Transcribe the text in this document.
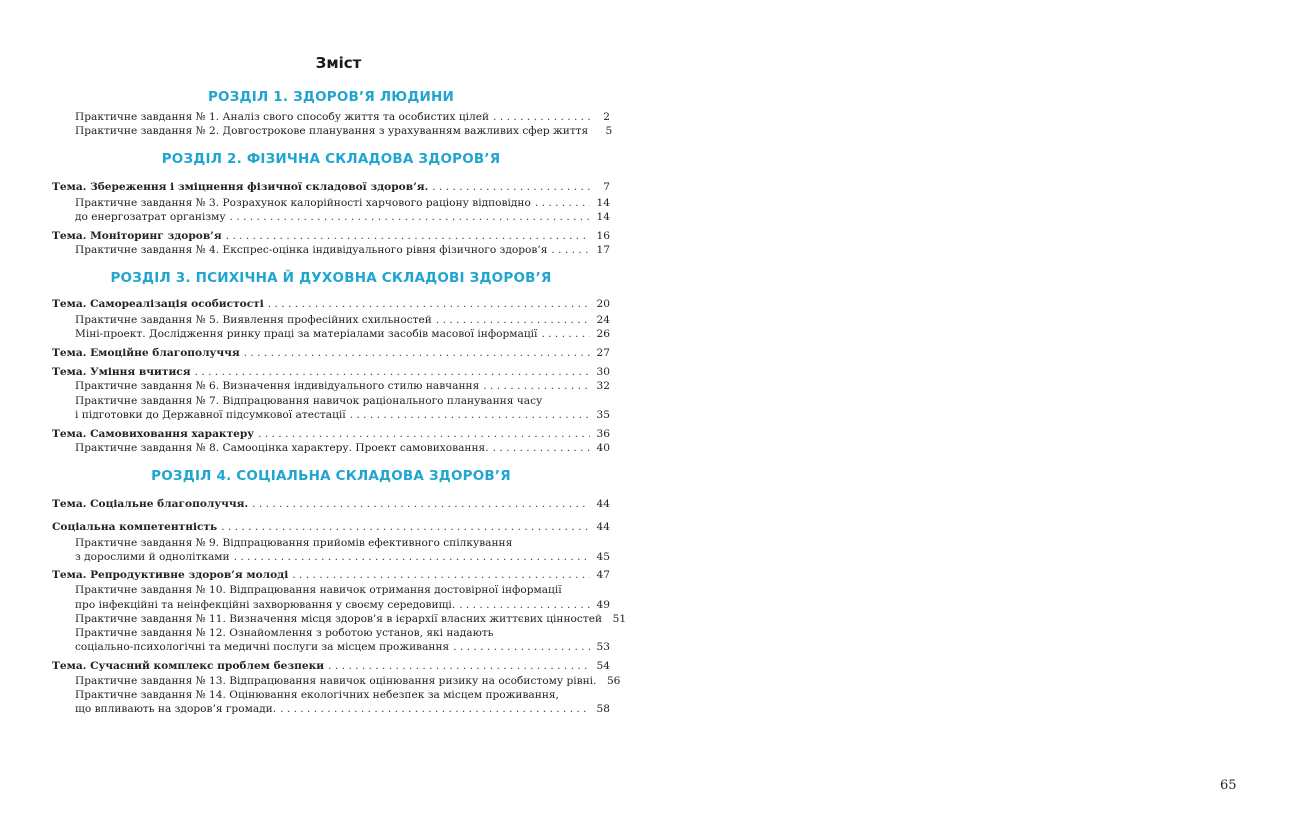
Зміст
РОЗДІЛ 1. ЗДОРОВ’Я ЛЮДИНИ
Практичне завдання № 1. Аналіз свого способу життя та особистих цілей . . .	2
Практичне завдання № 2. Довгострокове планування з урахуванням важливих сфер життя	5
РОЗДІЛ 2. ФІЗИЧНА СКЛАДОВА ЗДОРОВ’Я
Тема. Збереження і зміцнення фізичної складової здоров’я. . . .	7
Практичне завдання № 3. Розрахунок калорійності харчового раціону відповідно . . .	14
до енергозатрат організму . . .	14
Тема. Моніторинг здоров’я . . .	16
Практичне завдання № 4. Експрес-оцінка індивідуального рівня фізичного здоров’я . . .	17
РОЗДІЛ 3. ПСИХІЧНА Й ДУХОВНА СКЛАДОВІ ЗДОРОВ’Я
Тема. Самореалізація особистості . . .	20
Практичне завдання № 5. Виявлення професійних схильностей . . .	24
Міні-проект. Дослідження ринку праці за матеріалами засобів масової інформації . . .	26
Тема. Емоційне благополуччя . . .	27
Тема. Уміння вчитися . . .	30
Практичне завдання № 6. Визначення індивідуального стилю навчання . . .	32
Практичне завдання № 7. Відпрацювання навичок раціонального планування часу
і підготовки до Державної підсумкової атестації . . .	35
Тема. Самовиховання характеру . . .	36
Практичне завдання № 8. Самооцінка характеру. Проект самовиховання. . . .	40
РОЗДІЛ 4. СОЦІАЛЬНА СКЛАДОВА ЗДОРОВ’Я
Тема. Соціальне благополуччя. . . .	44
Соціальна компетентність . . .	44
Практичне завдання № 9. Відпрацювання прийомів ефективного спілкування
з дорослими й однолітками . . .	45
Тема. Репродуктивне здоров’я молоді . . .	47
Практичне завдання № 10. Відпрацювання навичок отримання достовірної інформації
про інфекційні та неінфекційні захворювання у своєму середовищі. . . .	49
Практичне завдання № 11. Визначення місця здоров’я в ієрархії власних життєвих цінностей 51
Практичне завдання № 12. Ознайомлення з роботою установ, які надають
соціально-психологічні та медичні послуги за місцем проживання . . .	53
Тема. Сучасний комплекс проблем безпеки . . .	54
Практичне завдання № 13. Відпрацювання навичок оцінювання ризику на особистому рівні. 56
Практичне завдання № 14. Оцінювання екологічних небезпек за місцем проживання,
що впливають на здоров’я громади. . . .	58
65
